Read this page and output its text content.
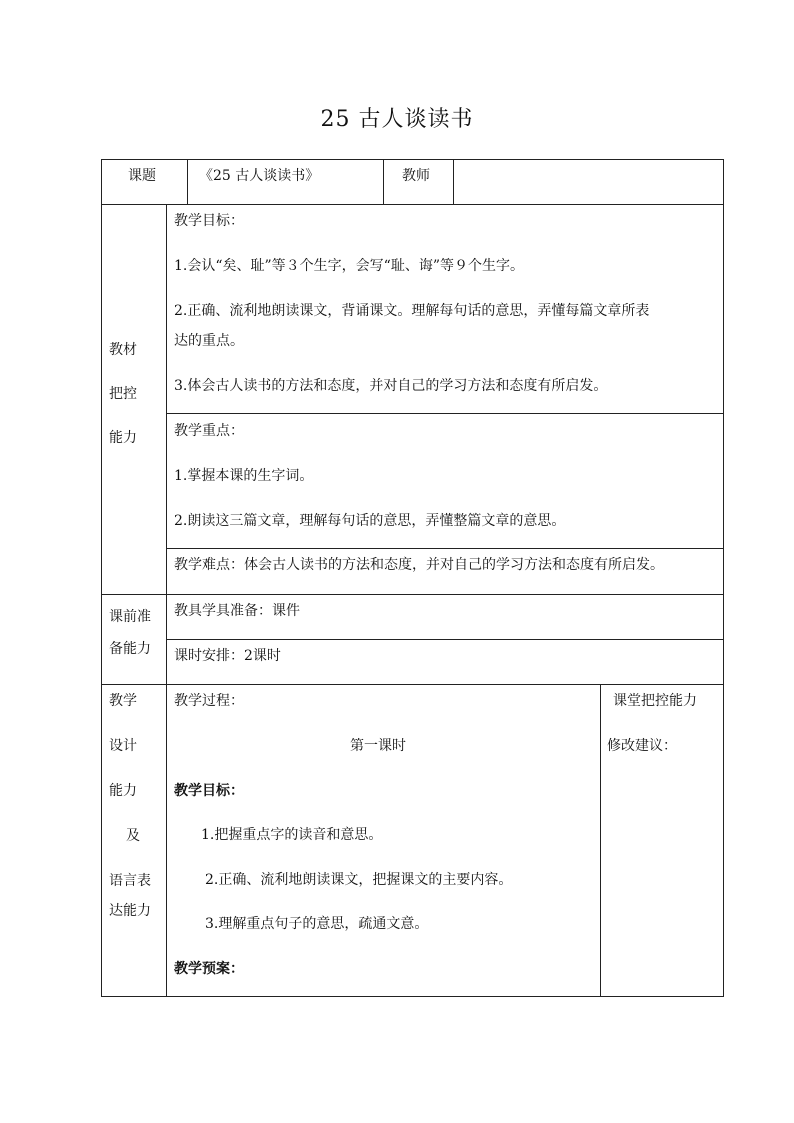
25 古人谈读书
课题	《25 古人谈读书》	教师
教材
把控
能力
教学目标：
1.会认“矣、耻”等３个生字，会写“耻、诲”等９个生字。
2.正确、流利地朗读课文，背诵课文。理解每句话的意思，弄懂每篇文章所表
达的重点。
3.体会古人读书的方法和态度，并对自己的学习方法和态度有所启发。
教学重点：
1.掌握本课的生字词。
2.朗读这三篇文章，理解每句话的意思，弄懂整篇文章的意思。
教学难点：体会古人读书的方法和态度，并对自己的学习方法和态度有所启发。
课前准
备能力
教具学具准备：课件
课时安排：2课时
教学
设计
能力
及
语言表
达能力
教学过程：
第一课时
教学目标：
1.把握重点字的读音和意思。
2.正确、流利地朗读课文，把握课文的主要内容。
3.理解重点句子的意思，疏通文意。
教学预案：
课堂把控能力
修改建议：
